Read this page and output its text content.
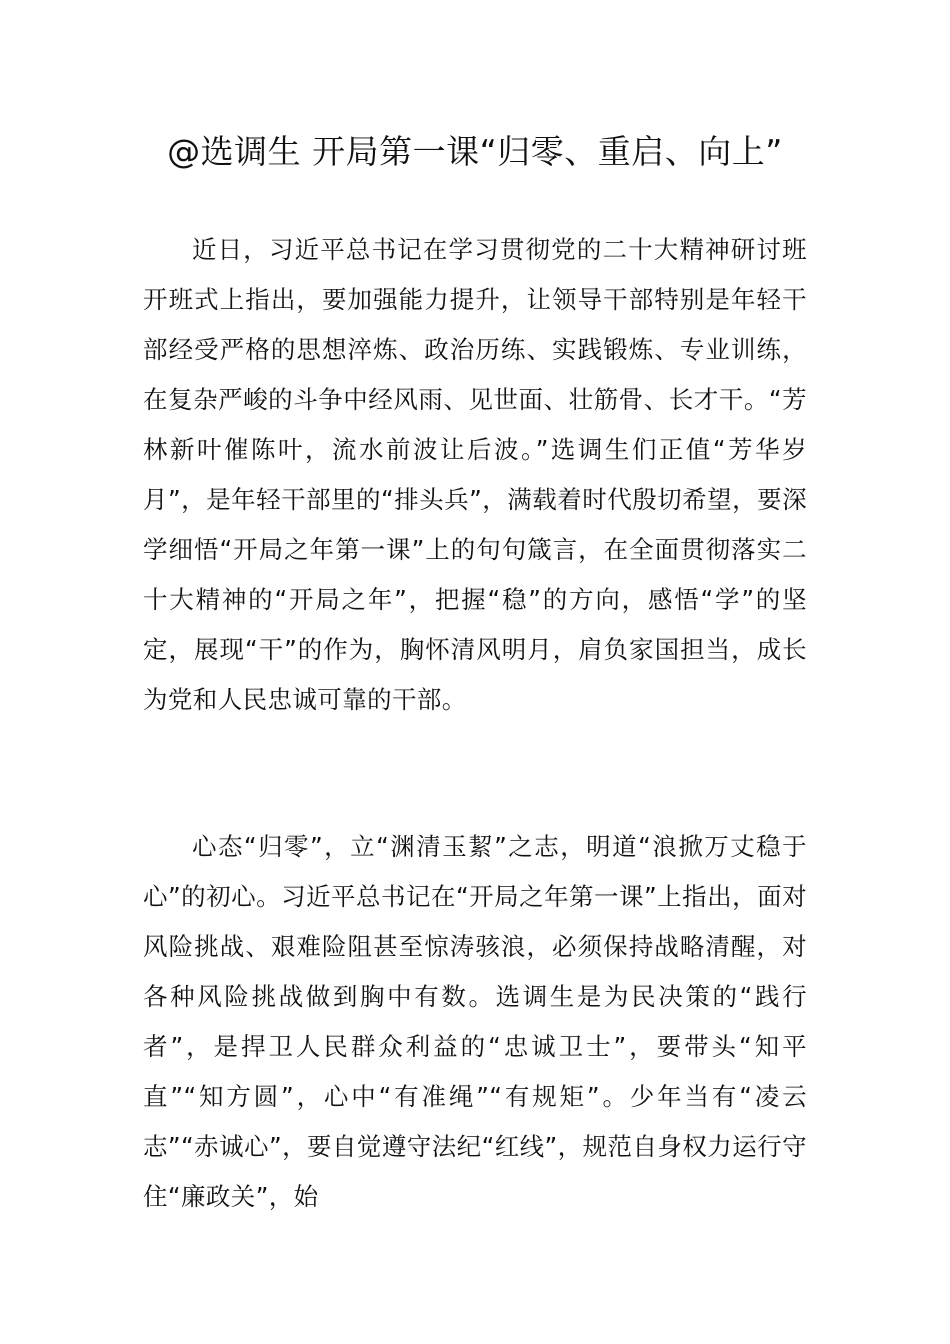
@选调生 开局第一课“归零、重启、向上”

近日，习近平总书记在学习贯彻党的二十大精神研讨班开班式上指出，要加强能力提升，让领导干部特别是年轻干部经受严格的思想淬炼、政治历练、实践锻炼、专业训练，在复杂严峻的斗争中经风雨、见世面、壮筋骨、长才干。“芳林新叶催陈叶，流水前波让后波。”选调生们正值“芳华岁月”，是年轻干部里的“排头兵”，满载着时代殷切希望，要深学细悟“开局之年第一课”上的句句箴言，在全面贯彻落实二十大精神的“开局之年”，把握“稳”的方向，感悟“学”的坚定，展现“干”的作为，胸怀清风明月，肩负家国担当，成长为党和人民忠诚可靠的干部。

心态“归零”，立“渊清玉絜”之志，明道“浪掀万丈稳于心”的初心。习近平总书记在“开局之年第一课”上指出，面对风险挑战、艰难险阻甚至惊涛骇浪，必须保持战略清醒，对各种风险挑战做到胸中有数。选调生是为民决策的“践行者”，是捍卫人民群众利益的“忠诚卫士”，要带头“知平直”“知方圆”，心中“有准绳”“有规矩”。少年当有“凌云志”“赤诚心”，要自觉遵守法纪“红线”，规范自身权力运行守住“廉政关”，始
